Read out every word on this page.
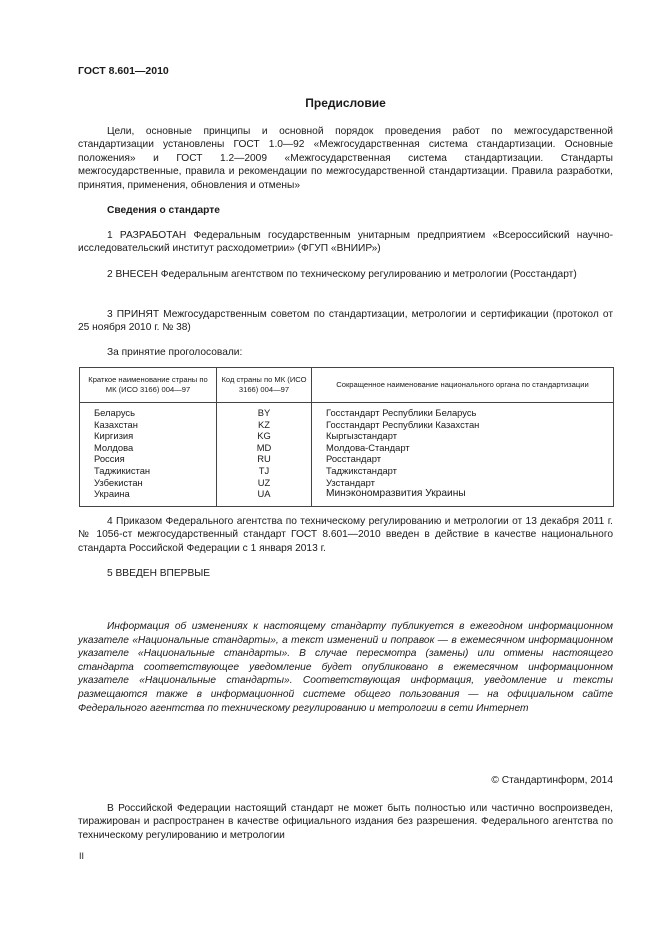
ГОСТ 8.601—2010
Предисловие

Цели, основные принципы и основной порядок проведения работ по межгосударственной стандартизации установлены ГОСТ 1.0—92 «Межгосударственная система стандартизации. Основные положения» и ГОСТ 1.2—2009 «Межгосударственная система стандартизации. Стандарты межгосударственные, правила и рекомендации по межгосударственной стандартизации. Правила разработки, принятия, применения, обновления и отмены»

Сведения о стандарте

1 РАЗРАБОТАН Федеральным государственным унитарным предприятием «Всероссийский научно-исследовательский институт расходометрии» (ФГУП «ВНИИР»)

2 ВНЕСЕН Федеральным агентством по техническому регулированию и метрологии (Росстандарт)

3 ПРИНЯТ Межгосударственным советом по стандартизации, метрологии и сертификации (протокол от 25 ноября 2010 г. № 38)

За принятие проголосовали:
Краткое наименование страны по МК (ИСО 3166) 004—97	Код страны по МК (ИСО 3166) 004—97	Сокращенное наименование национального органа по стандартизации
Беларусь	BY	Госстандарт Республики Беларусь
Казахстан	KZ	Госстандарт Республики Казахстан
Киргизия	KG	Кыргызстандарт
Молдова	MD	Молдова-Стандарт
Россия	RU	Росстандарт
Таджикистан	TJ	Таджикстандарт
Узбекистан	UZ	Узстандарт
Украина	UA	Минэкономразвития Украины

4 Приказом Федерального агентства по техническому регулированию и метрологии от 13 декабря 2011 г. № 1056-ст межгосударственный стандарт ГОСТ 8.601—2010 введен в действие в качестве национального стандарта Российской Федерации с 1 января 2013 г.

5 ВВЕДЕН ВПЕРВЫЕ

Информация об изменениях к настоящему стандарту публикуется в ежегодном информационном указателе «Национальные стандарты», а текст изменений и поправок — в ежемесячном информационном указателе «Национальные стандарты». В случае пересмотра (замены) или отмены настоящего стандарта соответствующее уведомление будет опубликовано в ежемесячном информационном указателе «Национальные стандарты». Соответствующая информация, уведомление и тексты размещаются также в информационной системе общего пользования — на официальном сайте Федерального агентства по техническому регулированию и метрологии в сети Интернет

© Стандартинформ, 2014

В Российской Федерации настоящий стандарт не может быть полностью или частично воспроизведен, тиражирован и распространен в качестве официального издания без разрешения. Федерального агентства по техническому регулированию и метрологии

II
